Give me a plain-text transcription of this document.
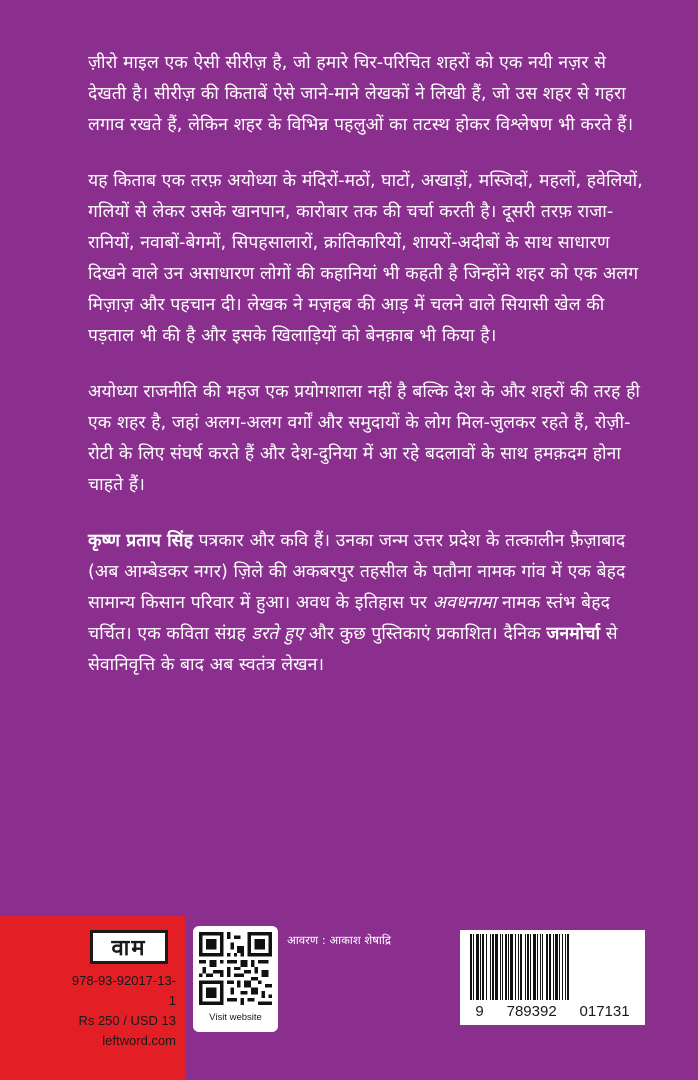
ज़ीरो माइल एक ऐसी सीरीज़ है, जो हमारे चिर-परिचित शहरों को एक नयी नज़र से देखती है। सीरीज़ की किताबें ऐसे जाने-माने लेखकों ने लिखी हैं, जो उस शहर से गहरा लगाव रखते हैं, लेकिन शहर के विभिन्न पहलुओं का तटस्थ होकर विश्लेषण भी करते हैं।

यह किताब एक तरफ़ अयोध्या के मंदिरों-मठों, घाटों, अखाड़ों, मस्जिदों, महलों, हवेलियों, गलियों से लेकर उसके खानपान, कारोबार तक की चर्चा करती है। दूसरी तरफ़ राजा-रानियों, नवाबों-बेगमों, सिपहसालारों, क्रांतिकारियों, शायरों-अदीबों के साथ साधारण दिखने वाले उन असाधारण लोगों की कहानियां भी कहती है जिन्होंने शहर को एक अलग मिज़ाज़ और पहचान दी। लेखक ने मज़हब की आड़ में चलने वाले सियासी खेल की पड़ताल भी की है और इसके खिलाड़ियों को बेनक़ाब भी किया है।

अयोध्या राजनीति की महज एक प्रयोगशाला नहीं है बल्कि देश के और शहरों की तरह ही एक शहर है, जहां अलग-अलग वर्गों और समुदायों के लोग मिल-जुलकर रहते हैं, रोज़ी-रोटी के लिए संघर्ष करते हैं और देश-दुनिया में आ रहे बदलावों के साथ हमक़दम होना चाहते हैं।

कृष्ण प्रताप सिंह पत्रकार और कवि हैं। उनका जन्म उत्तर प्रदेश के तत्कालीन फ़ैज़ाबाद (अब आम्बेडकर नगर) ज़िले की अकबरपुर तहसील के पतौना नामक गांव में एक बेहद सामान्य किसान परिवार में हुआ। अवध के इतिहास पर अवधनामा नामक स्तंभ बेहद चर्चित। एक कविता संग्रह डरते हुए और कुछ पुस्तिकाएं प्रकाशित। दैनिक जनमोर्चा से सेवानिवृत्ति के बाद अब स्वतंत्र लेखन।

वाम
978-93-92017-13-1
Rs 250 / USD 13
leftword.com
Visit website
आवरण : आकाश शेषाद्रि
9 789392 017131
